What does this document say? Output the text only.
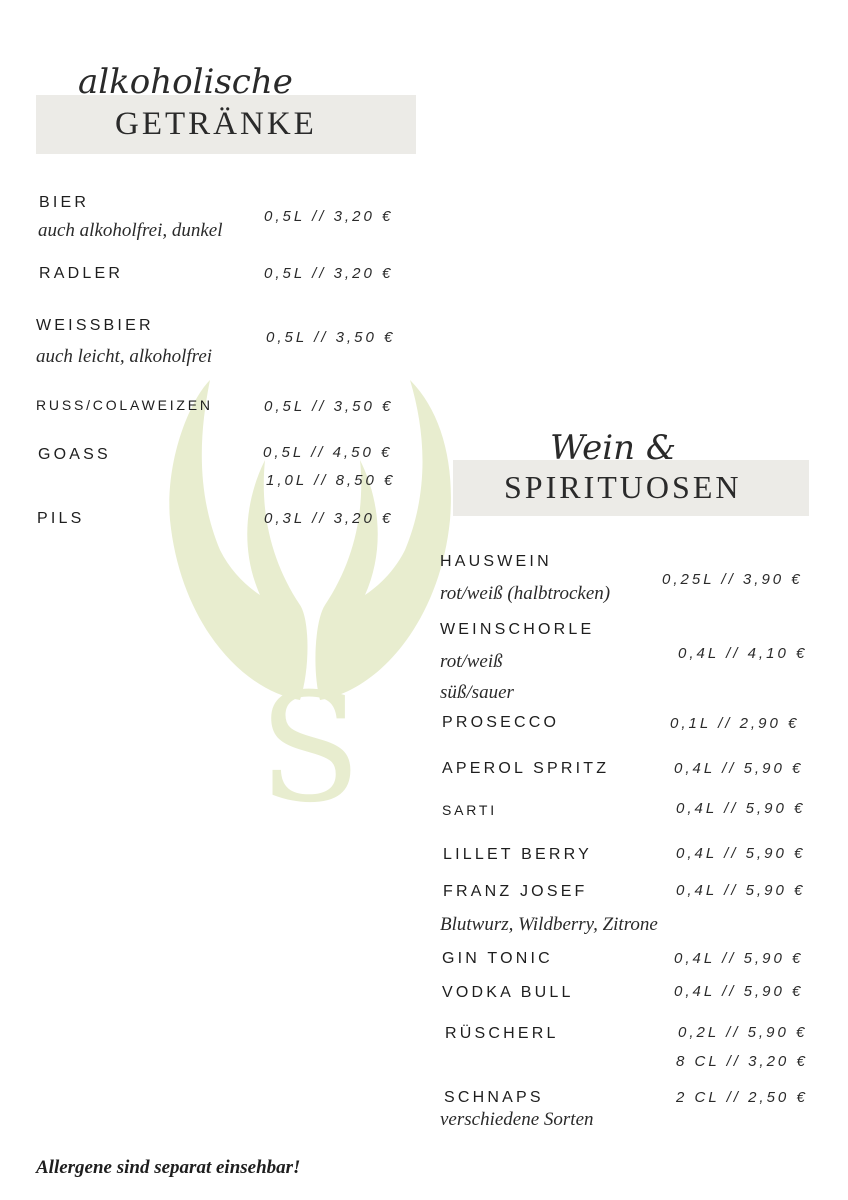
S
alkoholische
GETRÄNKE
BIER
auch alkoholfrei, dunkel
0,5L // 3,20 €
RADLER	0,5L // 3,20 €
WEISSBIER
auch leicht, alkoholfrei
0,5L // 3,50 €
RUSS/COLAWEIZEN	0,5L // 3,50 €
GOASS	0,5L // 4,50 €
1,0L // 8,50 €
PILS	0,3L // 3,20 €
Wein &
SPIRITUOSEN
HAUSWEIN
rot/weiß (halbtrocken)
0,25L // 3,90 €
WEINSCHORLE
rot/weiß
süß/sauer
0,4L // 4,10 €
PROSECCO	0,1L // 2,90 €
APEROL SPRITZ	0,4L // 5,90 €
SARTI	0,4L // 5,90 €
LILLET BERRY	0,4L // 5,90 €
FRANZ JOSEF
Blutwurz, Wildberry, Zitrone
0,4L // 5,90 €
GIN TONIC	0,4L // 5,90 €
VODKA BULL	0,4L // 5,90 €
RÜSCHERL	0,2L // 5,90 €
8 CL // 3,20 €
SCHNAPS
verschiedene Sorten
2 CL // 2,50 €
Allergene sind separat einsehbar!
